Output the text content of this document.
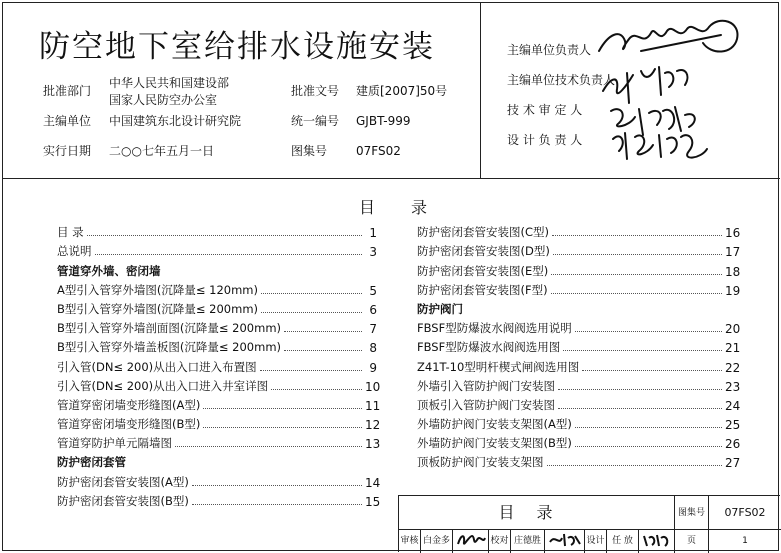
防空地下室给排水设施安装
批准部门
中华人民共和国建设部
国家人民防空办公室
主编单位 中国建筑东北设计研究院
实行日期 二○○七年五月一日
批准文号 建质[2007]50号
统一编号 GJBT-999
图集号 07FS02
主编单位负责人
主编单位技术负责人
技 术 审 定 人
设 计 负 责 人
目录
目 录	1
总说明	3
管道穿外墙、密闭墙
A型引入管穿外墙图(沉降量≤ 120mm)	5
B型引入管穿外墙图(沉降量≤ 200mm)	6
B型引入管穿外墙剖面图(沉降量≤ 200mm)	7
B型引入管穿外墙盖板图(沉降量≤ 200mm)	8
引入管(DN≤ 200)从出入口进入布置图	9
引入管(DN≤ 200)从出入口进入井室详图	10
管道穿密闭墙变形缝图(A型)	11
管道穿密闭墙变形缝图(B型)	12
管道穿防护单元隔墙图	13
防护密闭套管
防护密闭套管安装图(A型)	14
防护密闭套管安装图(B型)	15
防护密闭套管安装图(C型)	16
防护密闭套管安装图(D型)	17
防护密闭套管安装图(E型)	18
防护密闭套管安装图(F型)	19
防护阀门
FBSF型防爆波水阀阀选用说明	20
FBSF型防爆波水阀阀选用图	21
Z41T-10型明杆楔式闸阀选用图	22
外墙引入管防护阀门安装图	23
顶板引入管防护阀门安装图	24
外墙防护阀门安装支架图(A型)	25
外墙防护阀门安装支架图(B型)	26
顶板防护阀门安装支架图	27
目录	图集号	07FS02
审核 白金多	校对 庄德胜	设计 任 放	页	1
